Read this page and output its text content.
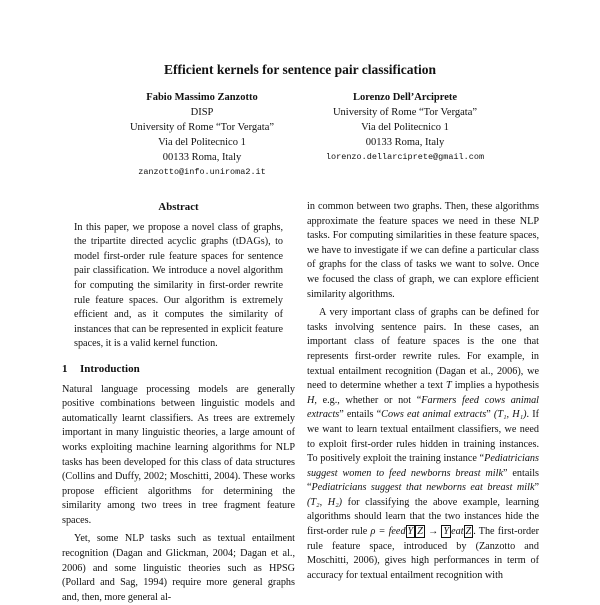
Efficient kernels for sentence pair classification
Fabio Massimo Zanzotto
DISP
University of Rome “Tor Vergata”
Via del Politecnico 1
00133 Roma, Italy
zanzotto@info.uniroma2.it
Lorenzo Dell’Arciprete
University of Rome “Tor Vergata”
Via del Politecnico 1
00133 Roma, Italy
lorenzo.dellarciprete@gmail.com
Abstract

In this paper, we propose a novel class of graphs, the tripartite directed acyclic graphs (tDAGs), to model first-order rule feature spaces for sentence pair classification. We introduce a novel algorithm for computing the similarity in first-order rewrite rule feature spaces. Our algorithm is extremely efficient and, as it computes the similarity of instances that can be represented in explicit feature spaces, it is a valid kernel function.

1 Introduction

Natural language processing models are generally positive combinations between linguistic models and automatically learnt classifiers. As trees are extremely important in many linguistic theories, a large amount of works exploiting machine learning algorithms for NLP tasks has been developed for this class of data structures (Collins and Duffy, 2002; Moschitti, 2004). These works propose efficient algorithms for determining the similarity among two trees in tree fragment feature spaces.

Yet, some NLP tasks such as textual entailment recognition (Dagan and Glickman, 2004; Dagan et al., 2006) and some linguistic theories such as HPSG (Pollard and Sag, 1994) require more general graphs and, then, more general al-

in common between two graphs. Then, these algorithms approximate the feature spaces we need in these NLP tasks. For computing similarities in these feature spaces, we have to investigate if we can define a particular class of graphs for the class of tasks we want to solve. Once we focused the class of graph, we can explore efficient similarity algorithms.

A very important class of graphs can be defined for tasks involving sentence pairs. In these cases, an important class of feature spaces is the one that represents first-order rewrite rules. For example, in textual entailment recognition (Dagan et al., 2006), we need to determine whether a text T implies a hypothesis H, e.g., whether or not “Farmers feed cows animal extracts” entails “Cows eat animal extracts” (T₁, H₁). If we want to learn textual entailment classifiers, we need to exploit first-order rules hidden in training instances. To positively exploit the training instance “Pediatricians suggest women to feed newborns breast milk” entails “Pediatricians suggest that newborns eat breast milk” (T₂, H₂) for classifying the above example, learning algorithms should learn that the two instances hide the first-order rule ρ = feed Y Z → Y eat Z . The first-order rule feature space, introduced by (Zanzotto and Moschitti, 2006), gives high performances in term of accuracy for textual entailment recognition with
